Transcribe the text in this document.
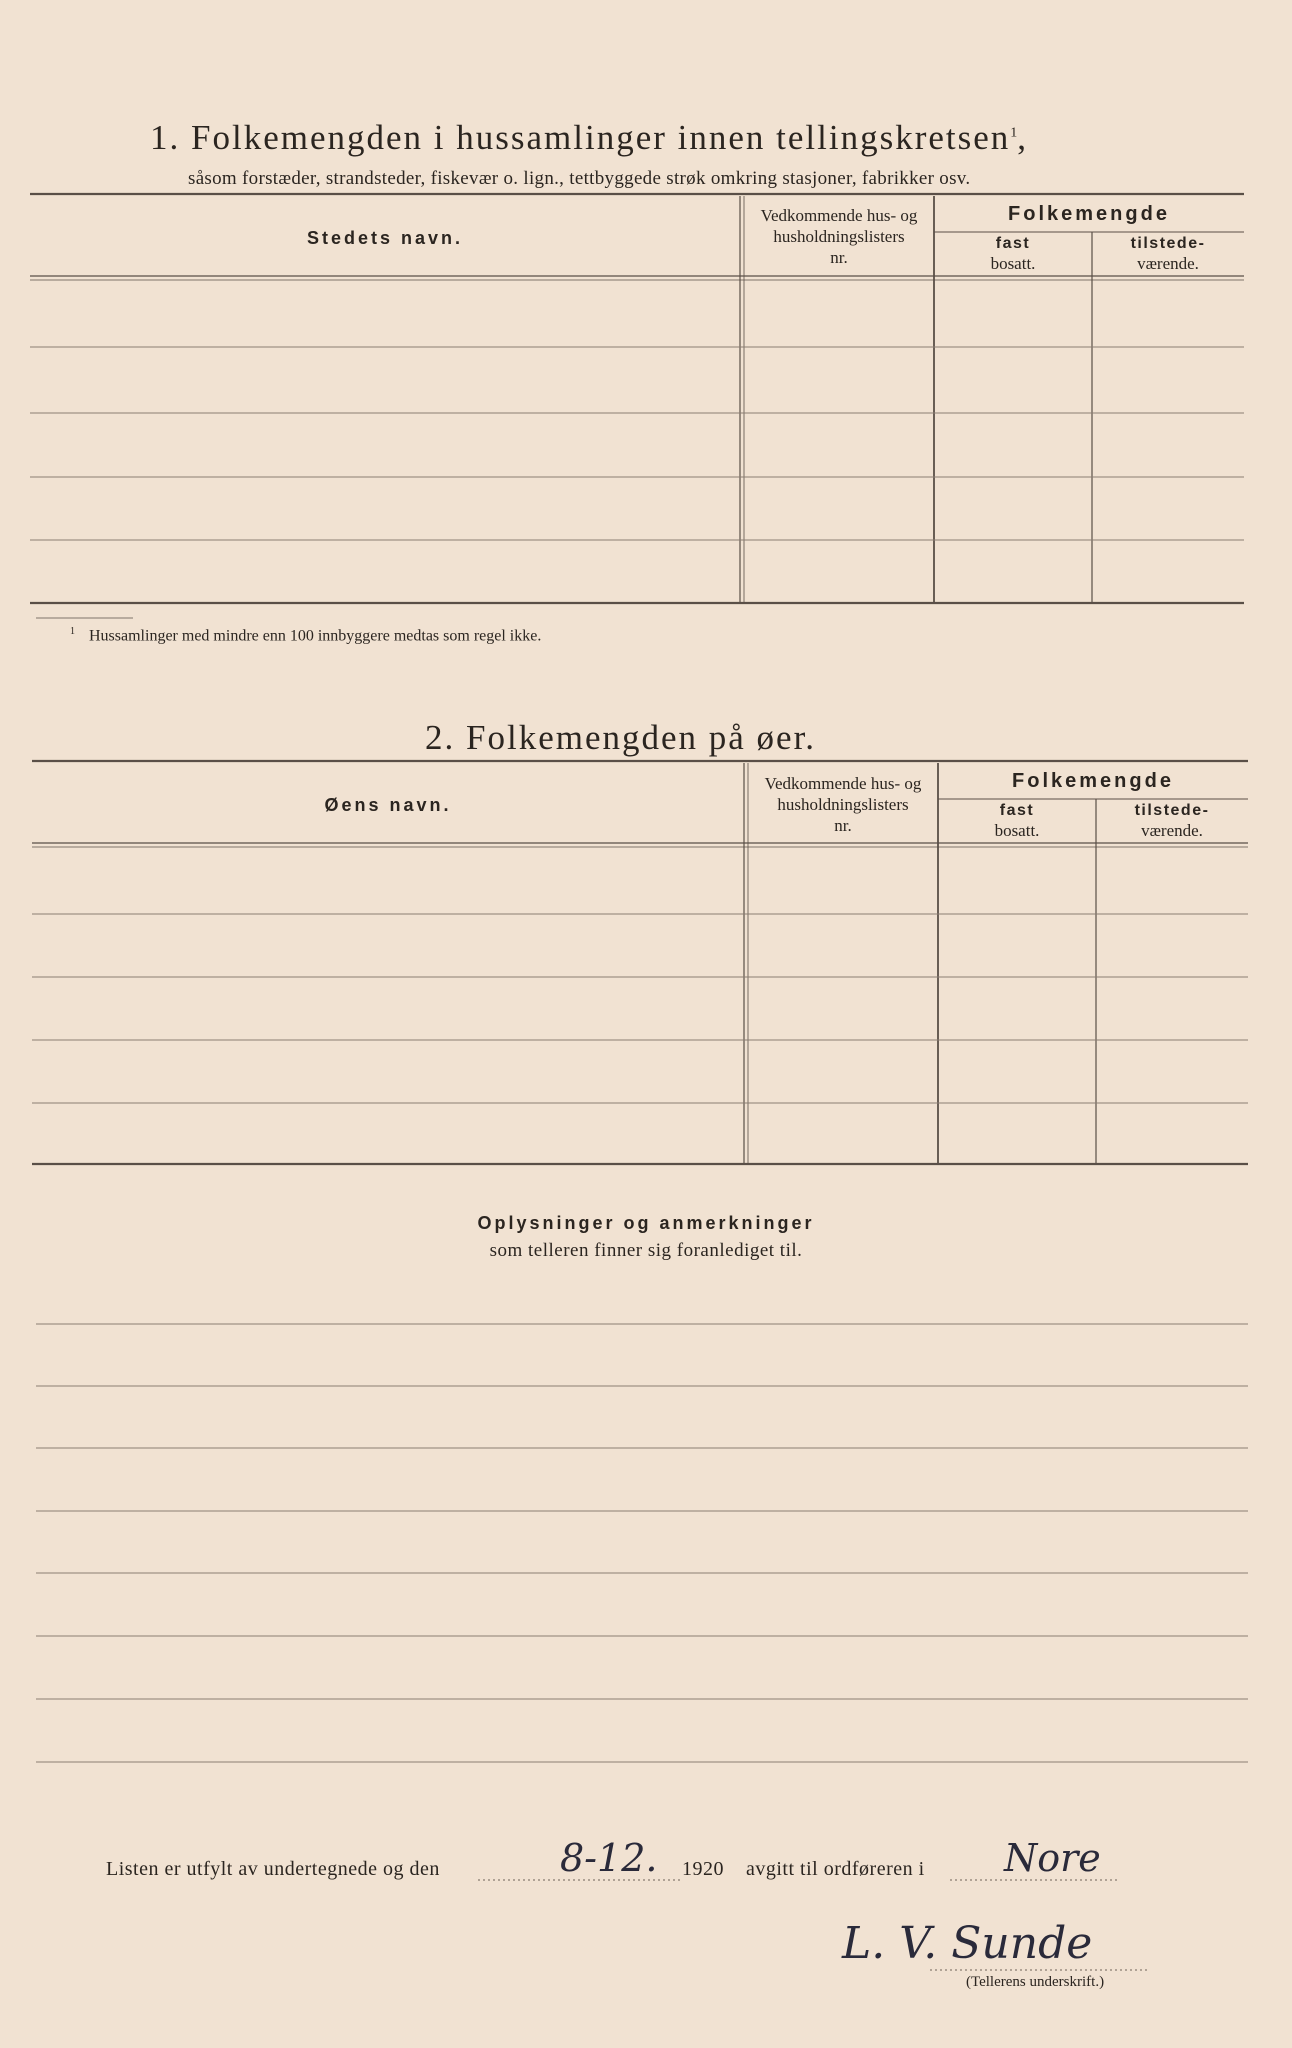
1. Folkemengden i hussamlinger innen tellingskretsen$^1$,
såsom forstæder, strandsteder, fiskevær o. lign., tettbyggede strøk omkring stasjoner, fabrikker osv.
Stedets navn.
Vedkommende hus- og
husholdningslisters
nr.
Folkemengde
fast
bosatt.
tilstede-
værende.
$^1$ Hussamlinger med mindre enn 100 innbyggere medtas som regel ikke.
2. Folkemengden på øer.
Øens navn.
Vedkommende hus- og
husholdningslisters
nr.
Folkemengde
fast
bosatt.
tilstede-
værende.
Oplysninger og anmerkninger
som telleren finner sig foranlediget til.
Listen er utfylt av undertegnede og den	8-12. 1920 avgitt til ordføreren i Nore
L. V. Sunde
(Tellerens underskrift.)
